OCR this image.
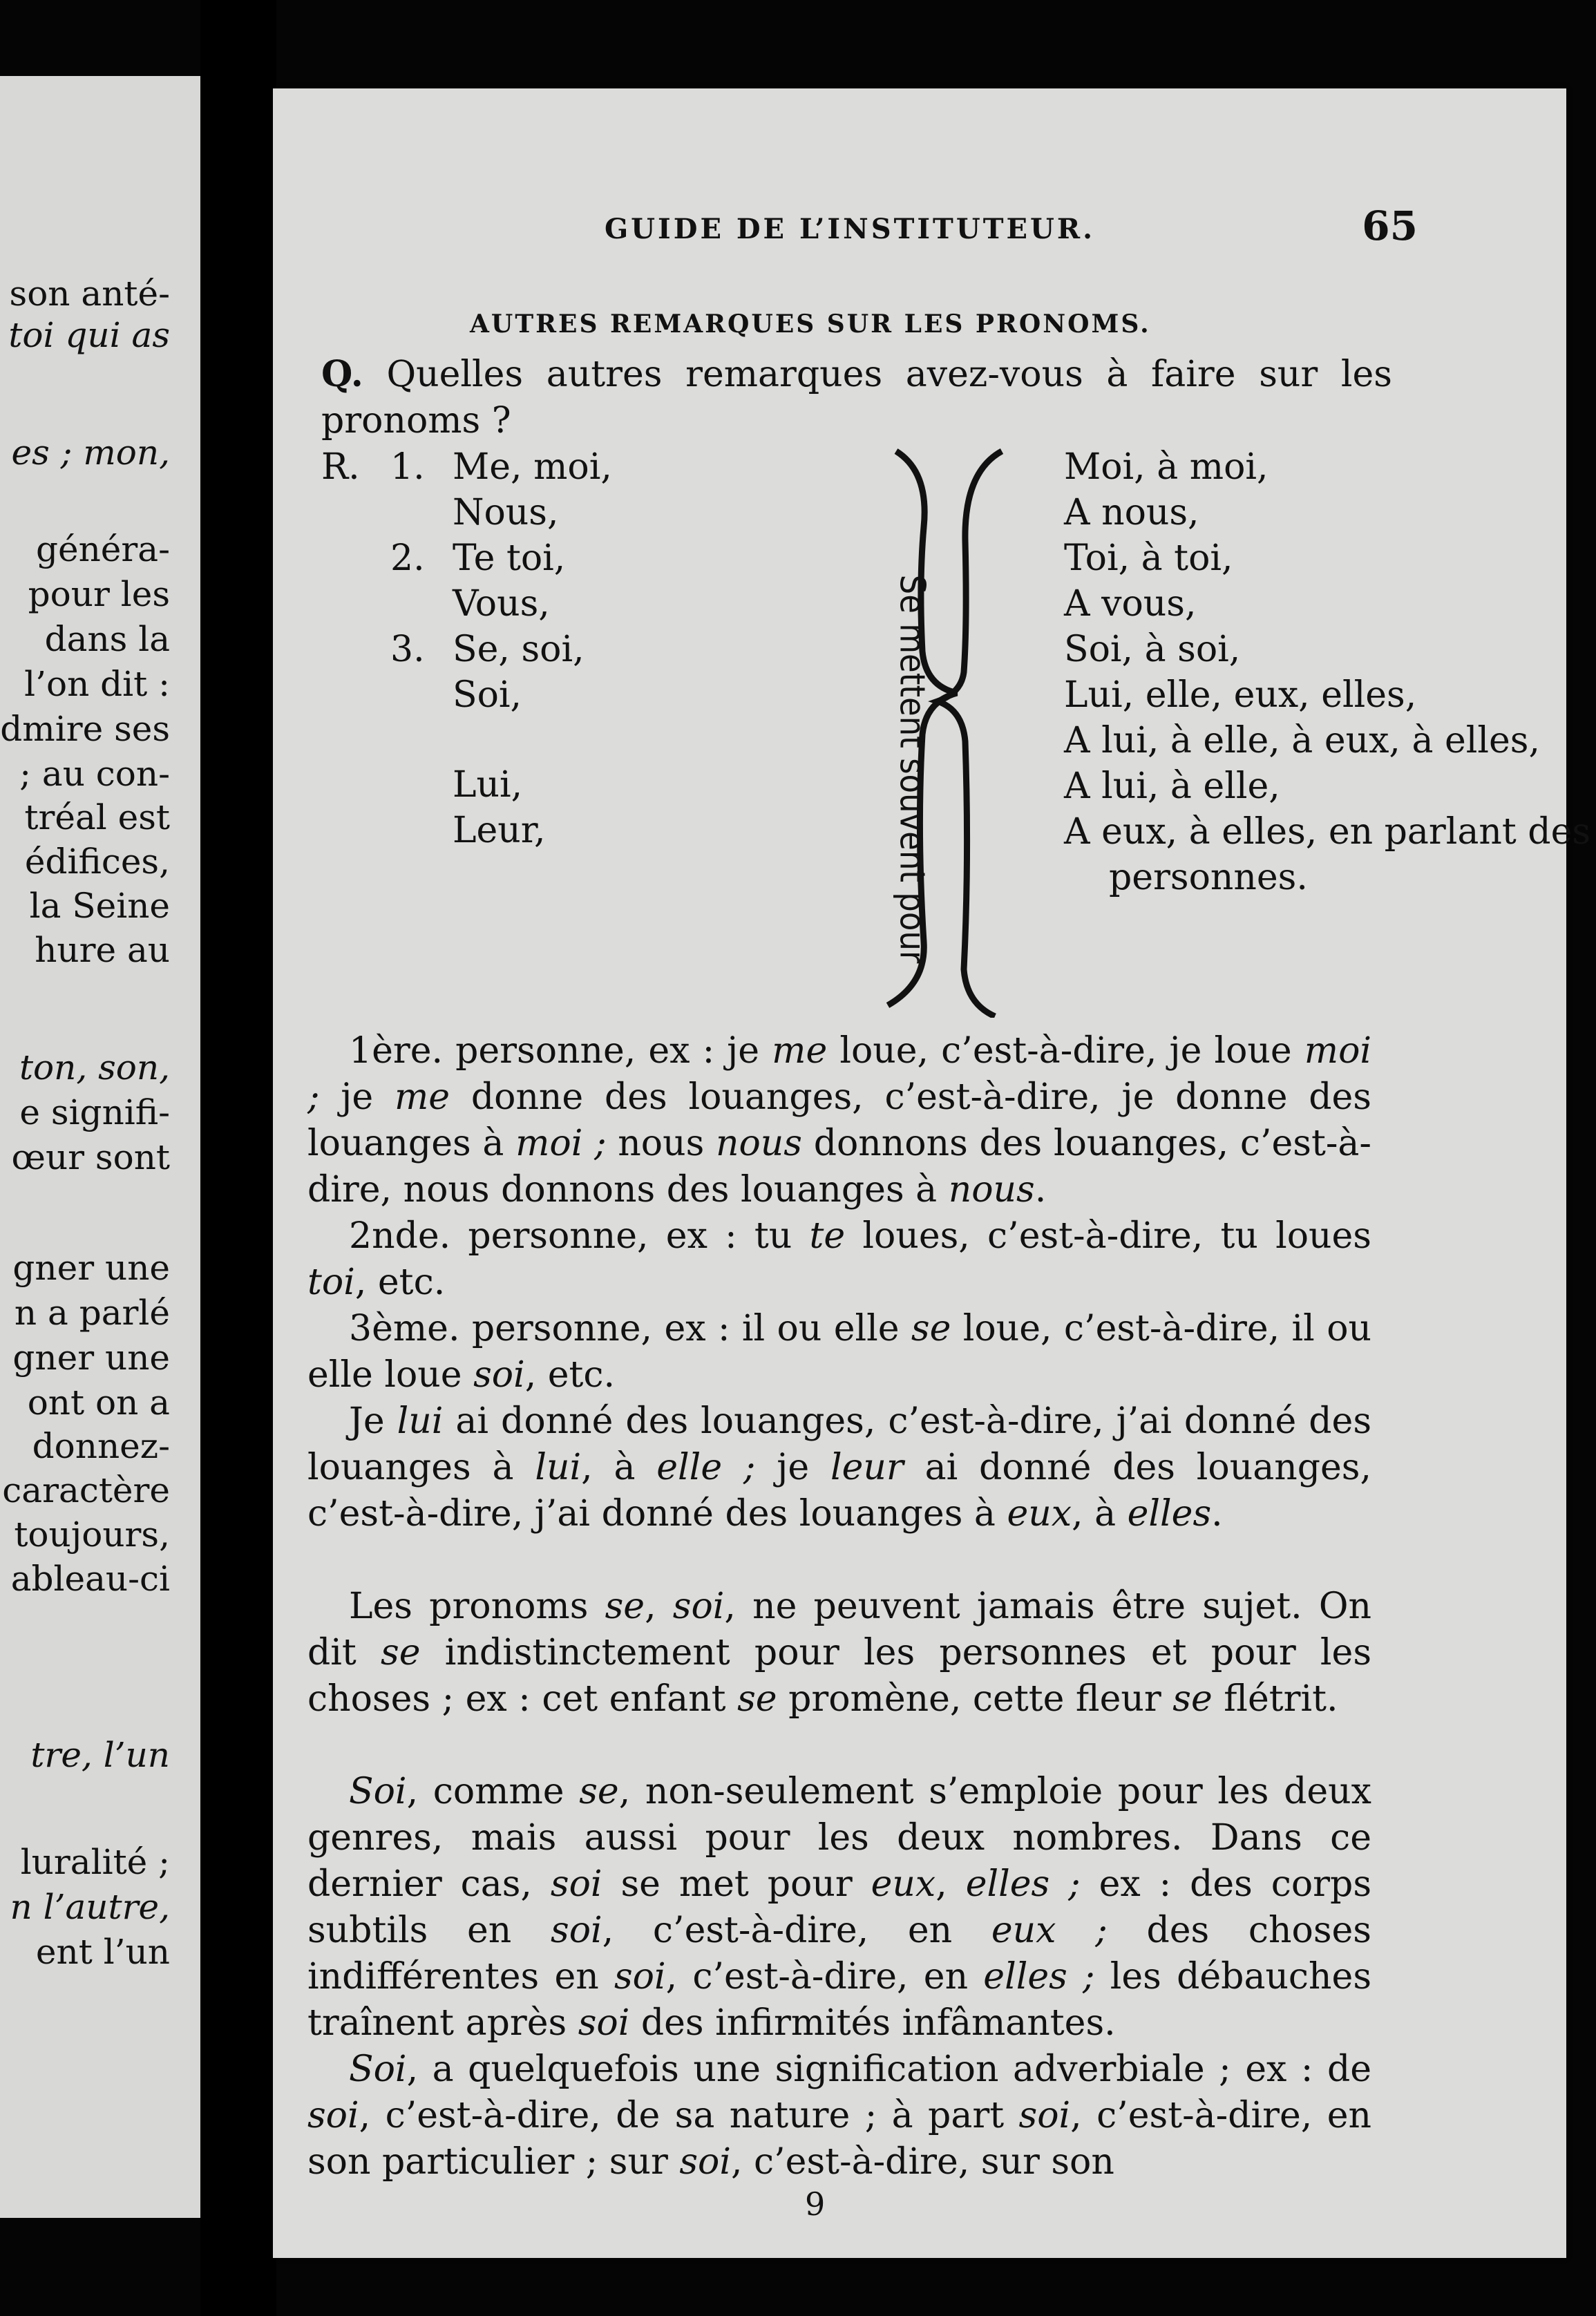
son anté-
toi qui as
es ; mon,
généra-
pour les
dans la
l’on dit :
dmire ses
; au con-
tréal est
édifices,
la Seine
hure au
ton, son,
e signifi-
œur sont
gner une
n a parlé
gner une
ont on a
donnez-
caractère
toujours,
ableau-ci
tre, l’un
luralité ;
n l’autre,
ent l’un
GUIDE DE L’INSTITUTEUR.	65
AUTRES REMARQUES SUR LES PRONOMS.
Q. Quelles autres remarques avez-vous à faire sur les pronoms ?
R. 1. Me, moi,
Nous,
2. Te toi,
Vous,
3. Se, soi,
Soi,
Lui,
Leur,	Se mettent souvent pour
Moi, à moi,
A nous,
Toi, à toi,
A vous,
Soi, à soi,
Lui, elle, eux, elles,
A lui, à elle, à eux, à elles,
A lui, à elle,
A eux, à elles, en parlant des
personnes.
1ère. personne, ex : je me loue, c’est-à-dire, je loue moi ; je me donne des louanges, c’est-à-dire, je donne des louanges à moi ; nous nous donnons des louanges, c’est-à-dire, nous donnons des louanges à nous.
2nde. personne, ex : tu te loues, c’est-à-dire, tu loues toi, etc.
3ème. personne, ex : il ou elle se loue, c’est-à-dire, il ou elle loue soi, etc.
Je lui ai donné des louanges, c’est-à-dire, j’ai donné des louanges à lui, à elle ; je leur ai donné des louanges, c’est-à-dire, j’ai donné des louanges à eux, à elles.
Les pronoms se, soi, ne peuvent jamais être sujet. On dit se indistinctement pour les personnes et pour les choses ; ex : cet enfant se promène, cette fleur se flétrit.
Soi, comme se, non-seulement s’emploie pour les deux genres, mais aussi pour les deux nombres. Dans ce dernier cas, soi se met pour eux, elles ; ex : des corps subtils en soi, c’est-à-dire, en eux ; des choses indifférentes en soi, c’est-à-dire, en elles ; les débauches traînent après soi des infirmités infâmantes.
Soi, a quelquefois une signification adverbiale ; ex : de soi, c’est-à-dire, de sa nature ; à part soi, c’est-à-dire, en son particulier ; sur soi, c’est-à-dire, sur son
9
